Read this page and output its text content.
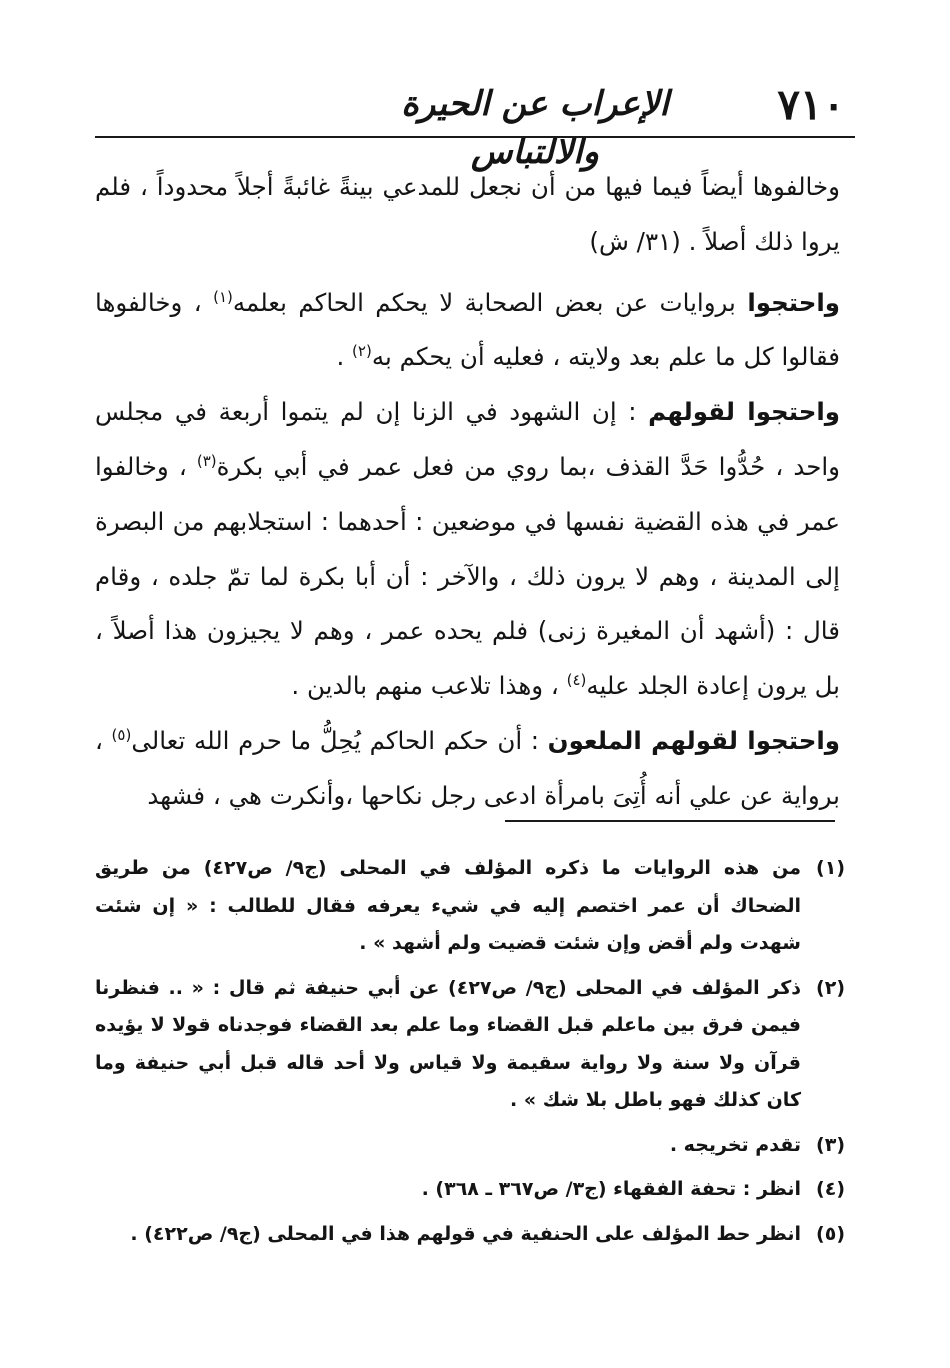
٧١٠
الإعراب عن الحيرة والالتباس

وخالفوها أيضاً فيما فيها من أن نجعل للمدعي بينةً غائبةً أجلاً محدوداً ، فلم يروا ذلك أصلاً . (٣١/ ش)

واحتجوا بروايات عن بعض الصحابة لا يحكم الحاكم بعلمه$^{(١)}$ ، وخالفوها فقالوا كل ما علم بعد ولايته ، فعليه أن يحكم به$^{(٢)}$ .

واحتجوا لقولهم : إن الشهود في الزنا إن لم يتموا أربعة في مجلس واحد ، حُدُّوا حَدَّ القذف ،بما روي من فعل عمر في أبي بكرة$^{(٣)}$ ، وخالفوا عمر في هذه القضية نفسها في موضعين : أحدهما : استجلابهم من البصرة إلى المدينة ، وهم لا يرون ذلك ، والآخر : أن أبا بكرة لما تمّ جلده ، وقام قال : (أشهد أن المغيرة زنى) فلم يحده عمر ، وهم لا يجيزون هذا أصلاً ، بل يرون إعادة الجلد عليه$^{(٤)}$ ، وهذا تلاعب منهم بالدين .

واحتجوا لقولهم الملعون : أن حكم الحاكم يُحِلُّ ما حرم الله تعالى$^{(٥)}$ ، برواية عن علي أنه أُتِىَ بامرأة ادعى رجل نكاحها ،وأنكرت هي ، فشهد

(١)
من هذه الروايات ما ذكره المؤلف في المحلى (ج٩/ ص٤٢٧) من طريق الضحاك أن عمر اختصم إليه في شيء يعرفه فقال للطالب : « إن شئت شهدت ولم أقض وإن شئت قضيت ولم أشهد » .
(٢)
ذكر المؤلف في المحلى (ج٩/ ص٤٢٧) عن أبي حنيفة ثم قال : « .. فنظرنا فيمن فرق بين ماعلم قبل القضاء وما علم بعد القضاء فوجدناه قولا لا يؤيده قرآن ولا سنة ولا رواية سقيمة ولا قياس ولا أحد قاله قبل أبي حنيفة وما كان كذلك فهو باطل بلا شك » .
(٣)
تقدم تخريجه .
(٤)
انظر : تحفة الفقهاء (ج٣/ ص٣٦٧ ـ ٣٦٨) .
(٥)
انظر حط المؤلف على الحنفية في قولهم هذا في المحلى (ج٩/ ص٤٢٢) .
